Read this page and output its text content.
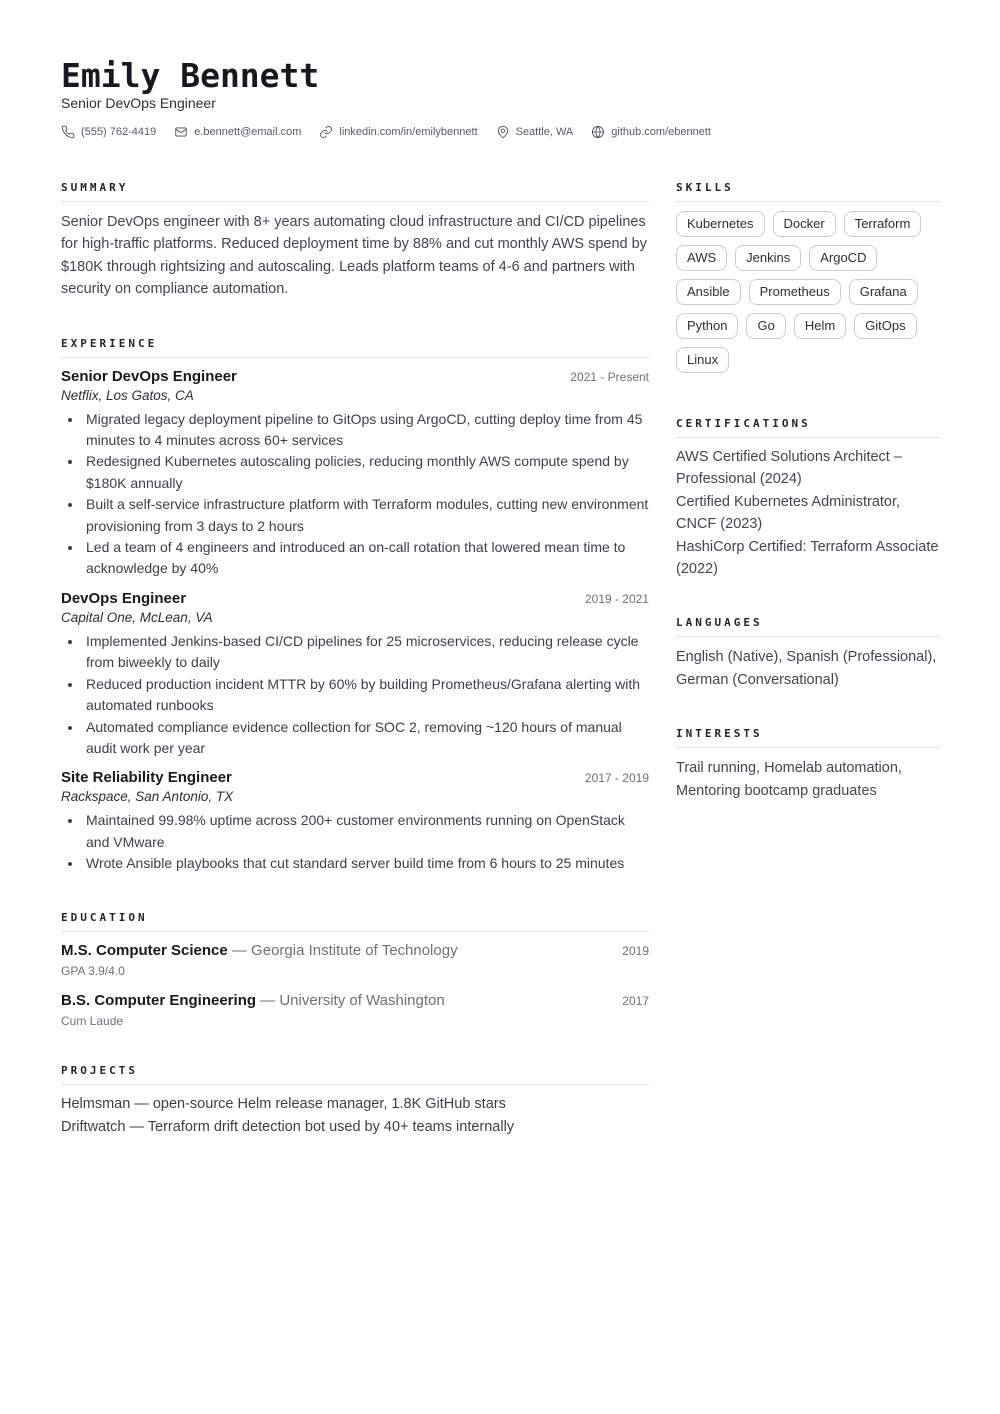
Emily Bennett
Senior DevOps Engineer
(555) 762-4419	e.bennett@email.com	linkedin.com/in/emilybennett	Seattle, WA	github.com/ebennett
SUMMARY

Senior DevOps engineer with 8+ years automating cloud infrastructure and CI/CD pipelines for high-traffic platforms. Reduced deployment time by 88% and cut monthly AWS spend by $180K through rightsizing and autoscaling. Leads platform teams of 4-6 and partners with security on compliance automation.

EXPERIENCE
Senior DevOps Engineer	2021 - Present
Netflix, Los Gatos, CA
Migrated legacy deployment pipeline to GitOps using ArgoCD, cutting deploy time from 45 minutes to 4 minutes across 60+ services
Redesigned Kubernetes autoscaling policies, reducing monthly AWS compute spend by $180K annually
Built a self-service infrastructure platform with Terraform modules, cutting new environment provisioning from 3 days to 2 hours
Led a team of 4 engineers and introduced an on-call rotation that lowered mean time to acknowledge by 40%
DevOps Engineer	2019 - 2021
Capital One, McLean, VA
Implemented Jenkins-based CI/CD pipelines for 25 microservices, reducing release cycle from biweekly to daily
Reduced production incident MTTR by 60% by building Prometheus/Grafana alerting with automated runbooks
Automated compliance evidence collection for SOC 2, removing ~120 hours of manual audit work per year
Site Reliability Engineer	2017 - 2019
Rackspace, San Antonio, TX
Maintained 99.98% uptime across 200+ customer environments running on OpenStack and VMware
Wrote Ansible playbooks that cut standard server build time from 6 hours to 25 minutes
EDUCATION
M.S. Computer Science — Georgia Institute of Technology	2019
GPA 3.9/4.0
B.S. Computer Engineering — University of Washington	2017
Cum Laude
PROJECTS
Helmsman — open-source Helm release manager, 1.8K GitHub stars
Driftwatch — Terraform drift detection bot used by 40+ teams internally
SKILLS
Kubernetes	Docker	Terraform
AWS	Jenkins	ArgoCD
Ansible	Prometheus	Grafana
Python	Go	Helm	GitOps
Linux
CERTIFICATIONS
AWS Certified Solutions Architect – Professional (2024)
Certified Kubernetes Administrator, CNCF (2023)
HashiCorp Certified: Terraform Associate (2022)
LANGUAGES

English (Native), Spanish (Professional), German (Conversational)

INTERESTS

Trail running, Homelab automation, Mentoring bootcamp graduates
